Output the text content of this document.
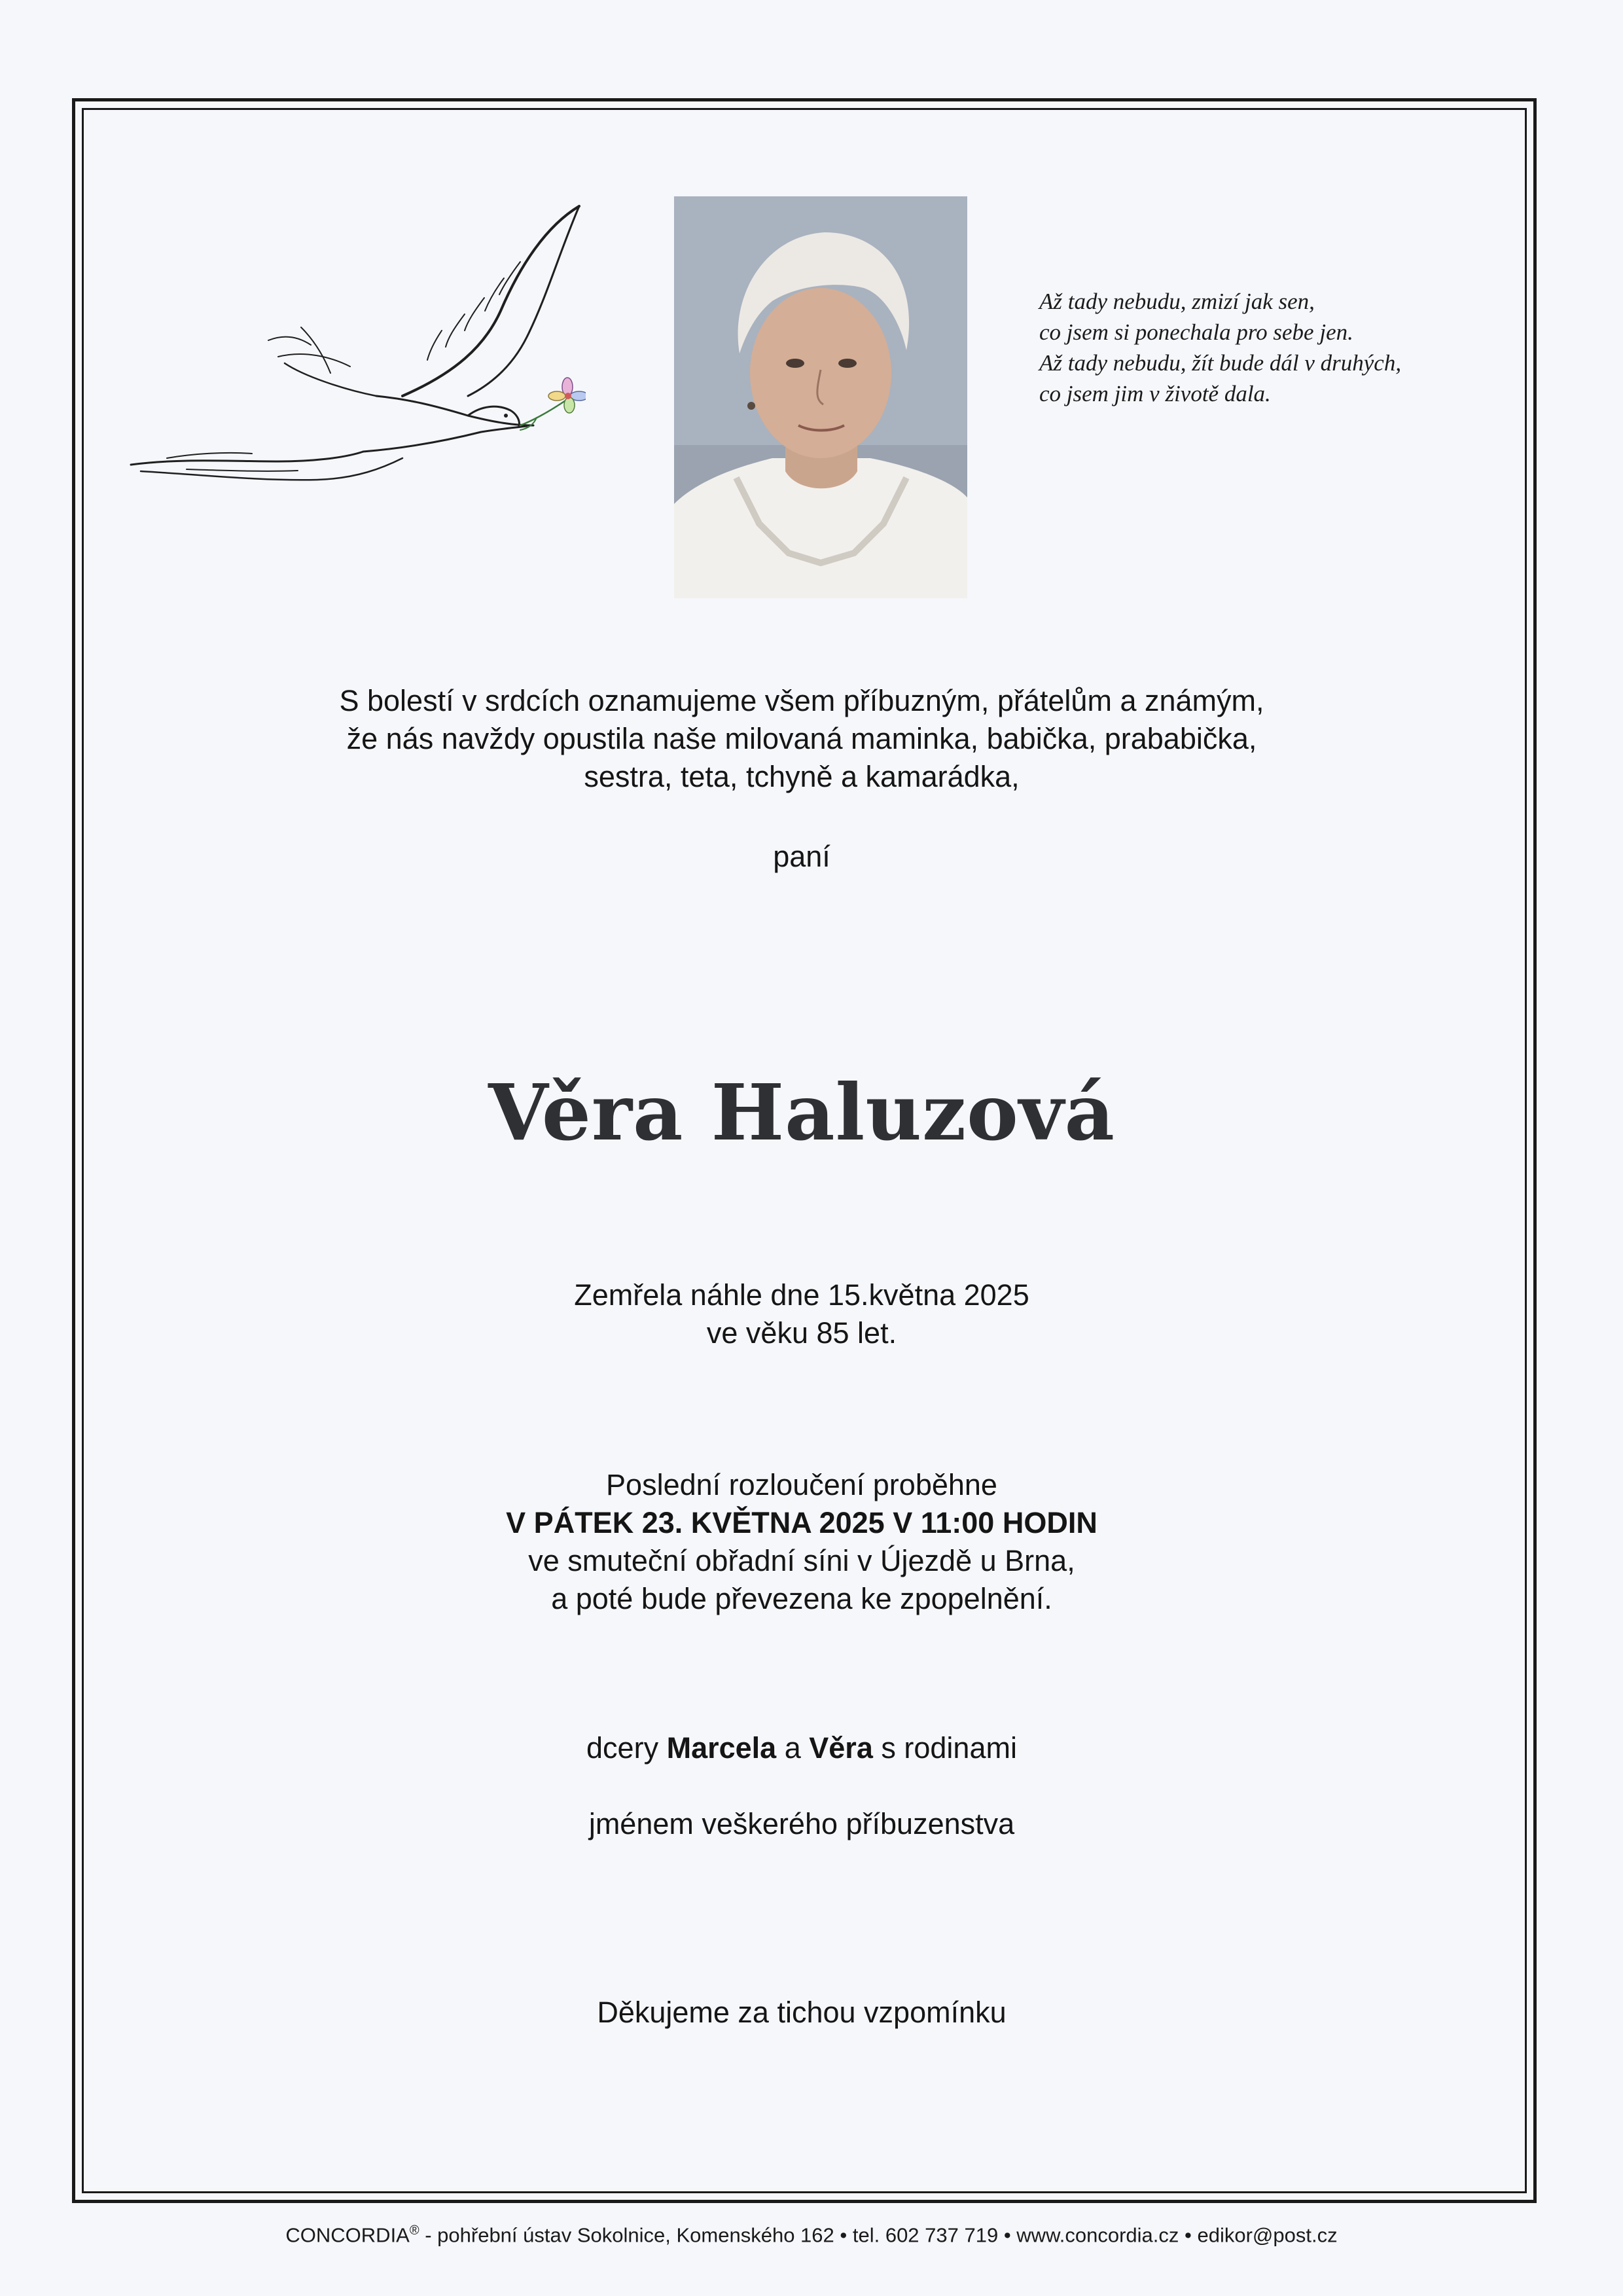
Až tady nebudu, zmizí jak sen,
co jsem si ponechala pro sebe jen.
Až tady nebudu, žít bude dál v druhých,
co jsem jim v životě dala.
S bolestí v srdcích oznamujeme všem příbuzným, přátelům a známým,
že nás navždy opustila naše milovaná maminka, babička, prababička,
sestra, teta, tchyně a kamarádka,
paní
Věra Haluzová
Zemřela náhle dne 15.května 2025
ve věku 85 let.
Poslední rozloučení proběhne
V PÁTEK 23. KVĚTNA 2025 V 11:00 HODIN
ve smuteční obřadní síni v Újezdě u Brna,
a poté bude převezena ke zpopelnění.
dcery Marcela a Věra s rodinami
jménem veškerého příbuzenstva
Děkujeme za tichou vzpomínku
CONCORDIA® - pohřební ústav Sokolnice, Komenského 162 • tel. 602 737 719 • www.concordia.cz • edikor@post.cz
